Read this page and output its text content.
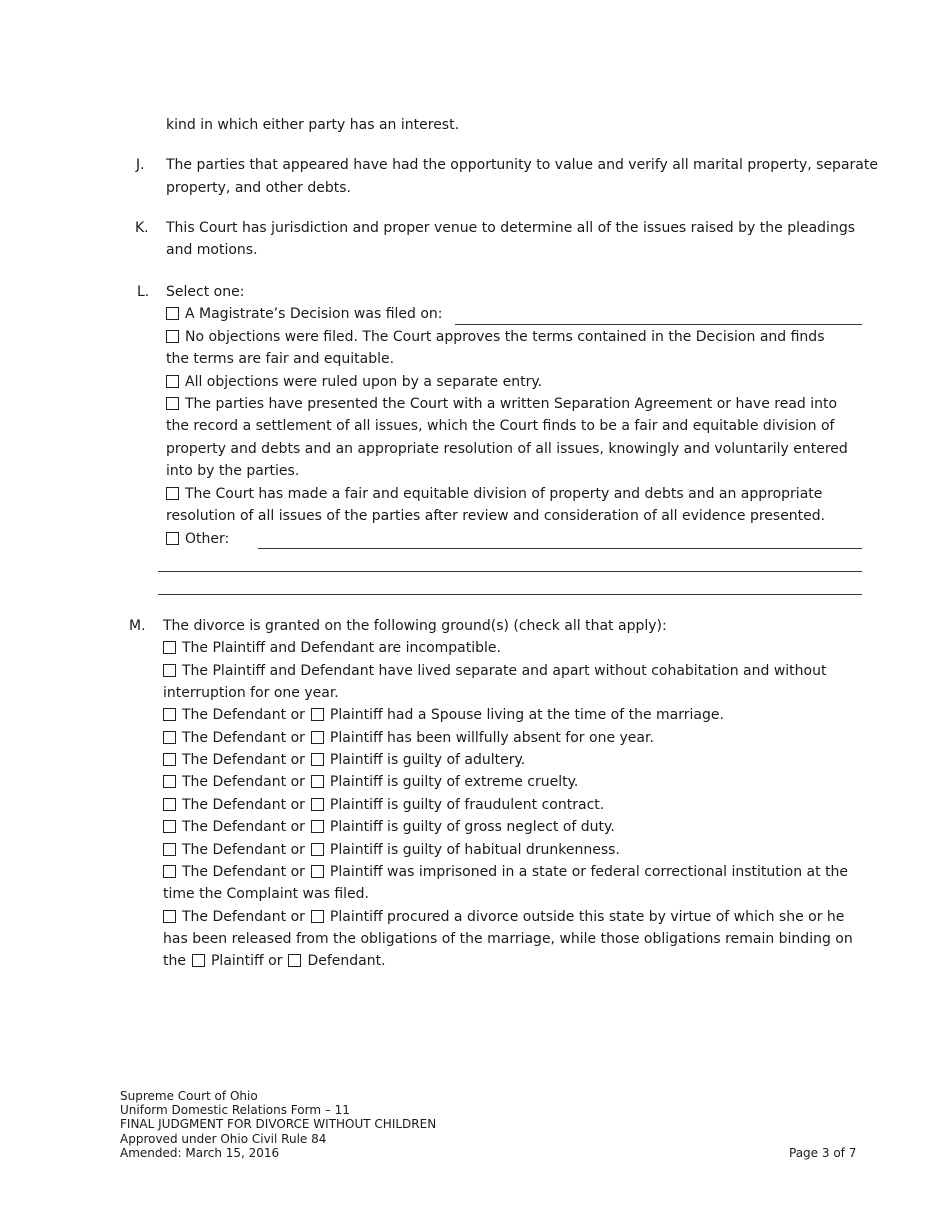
kind in which either party has an interest.
J. The parties that appeared have had the opportunity to value and verify all marital property, separate
property, and other debts.
K. This Court has jurisdiction and proper venue to determine all of the issues raised by the pleadings
and motions.
L. Select one:
A Magistrate’s Decision was filed on:
No objections were filed. The Court approves the terms contained in the Decision and finds
the terms are fair and equitable.
All objections were ruled upon by a separate entry.
The parties have presented the Court with a written Separation Agreement or have read into
the record a settlement of all issues, which the Court finds to be a fair and equitable division of
property and debts and an appropriate resolution of all issues, knowingly and voluntarily entered
into by the parties.
The Court has made a fair and equitable division of property and debts and an appropriate
resolution of all issues of the parties after review and consideration of all evidence presented.
Other:
M. The divorce is granted on the following ground(s) (check all that apply):
The Plaintiff and Defendant are incompatible.
The Plaintiff and Defendant have lived separate and apart without cohabitation and without
interruption for one year.
The Defendant or Plaintiff had a Spouse living at the time of the marriage.
The Defendant or Plaintiff has been willfully absent for one year.
The Defendant or Plaintiff is guilty of adultery.
The Defendant or Plaintiff is guilty of extreme cruelty.
The Defendant or Plaintiff is guilty of fraudulent contract.
The Defendant or Plaintiff is guilty of gross neglect of duty.
The Defendant or Plaintiff is guilty of habitual drunkenness.
The Defendant or Plaintiff was imprisoned in a state or federal correctional institution at the
time the Complaint was filed.
The Defendant or Plaintiff procured a divorce outside this state by virtue of which she or he
has been released from the obligations of the marriage, while those obligations remain binding on
the Plaintiff or Defendant.
Supreme Court of Ohio
Uniform Domestic Relations Form – 11
FINAL JUDGMENT FOR DIVORCE WITHOUT CHILDREN
Approved under Ohio Civil Rule 84
Amended: March 15, 2016	Page 3 of 7
